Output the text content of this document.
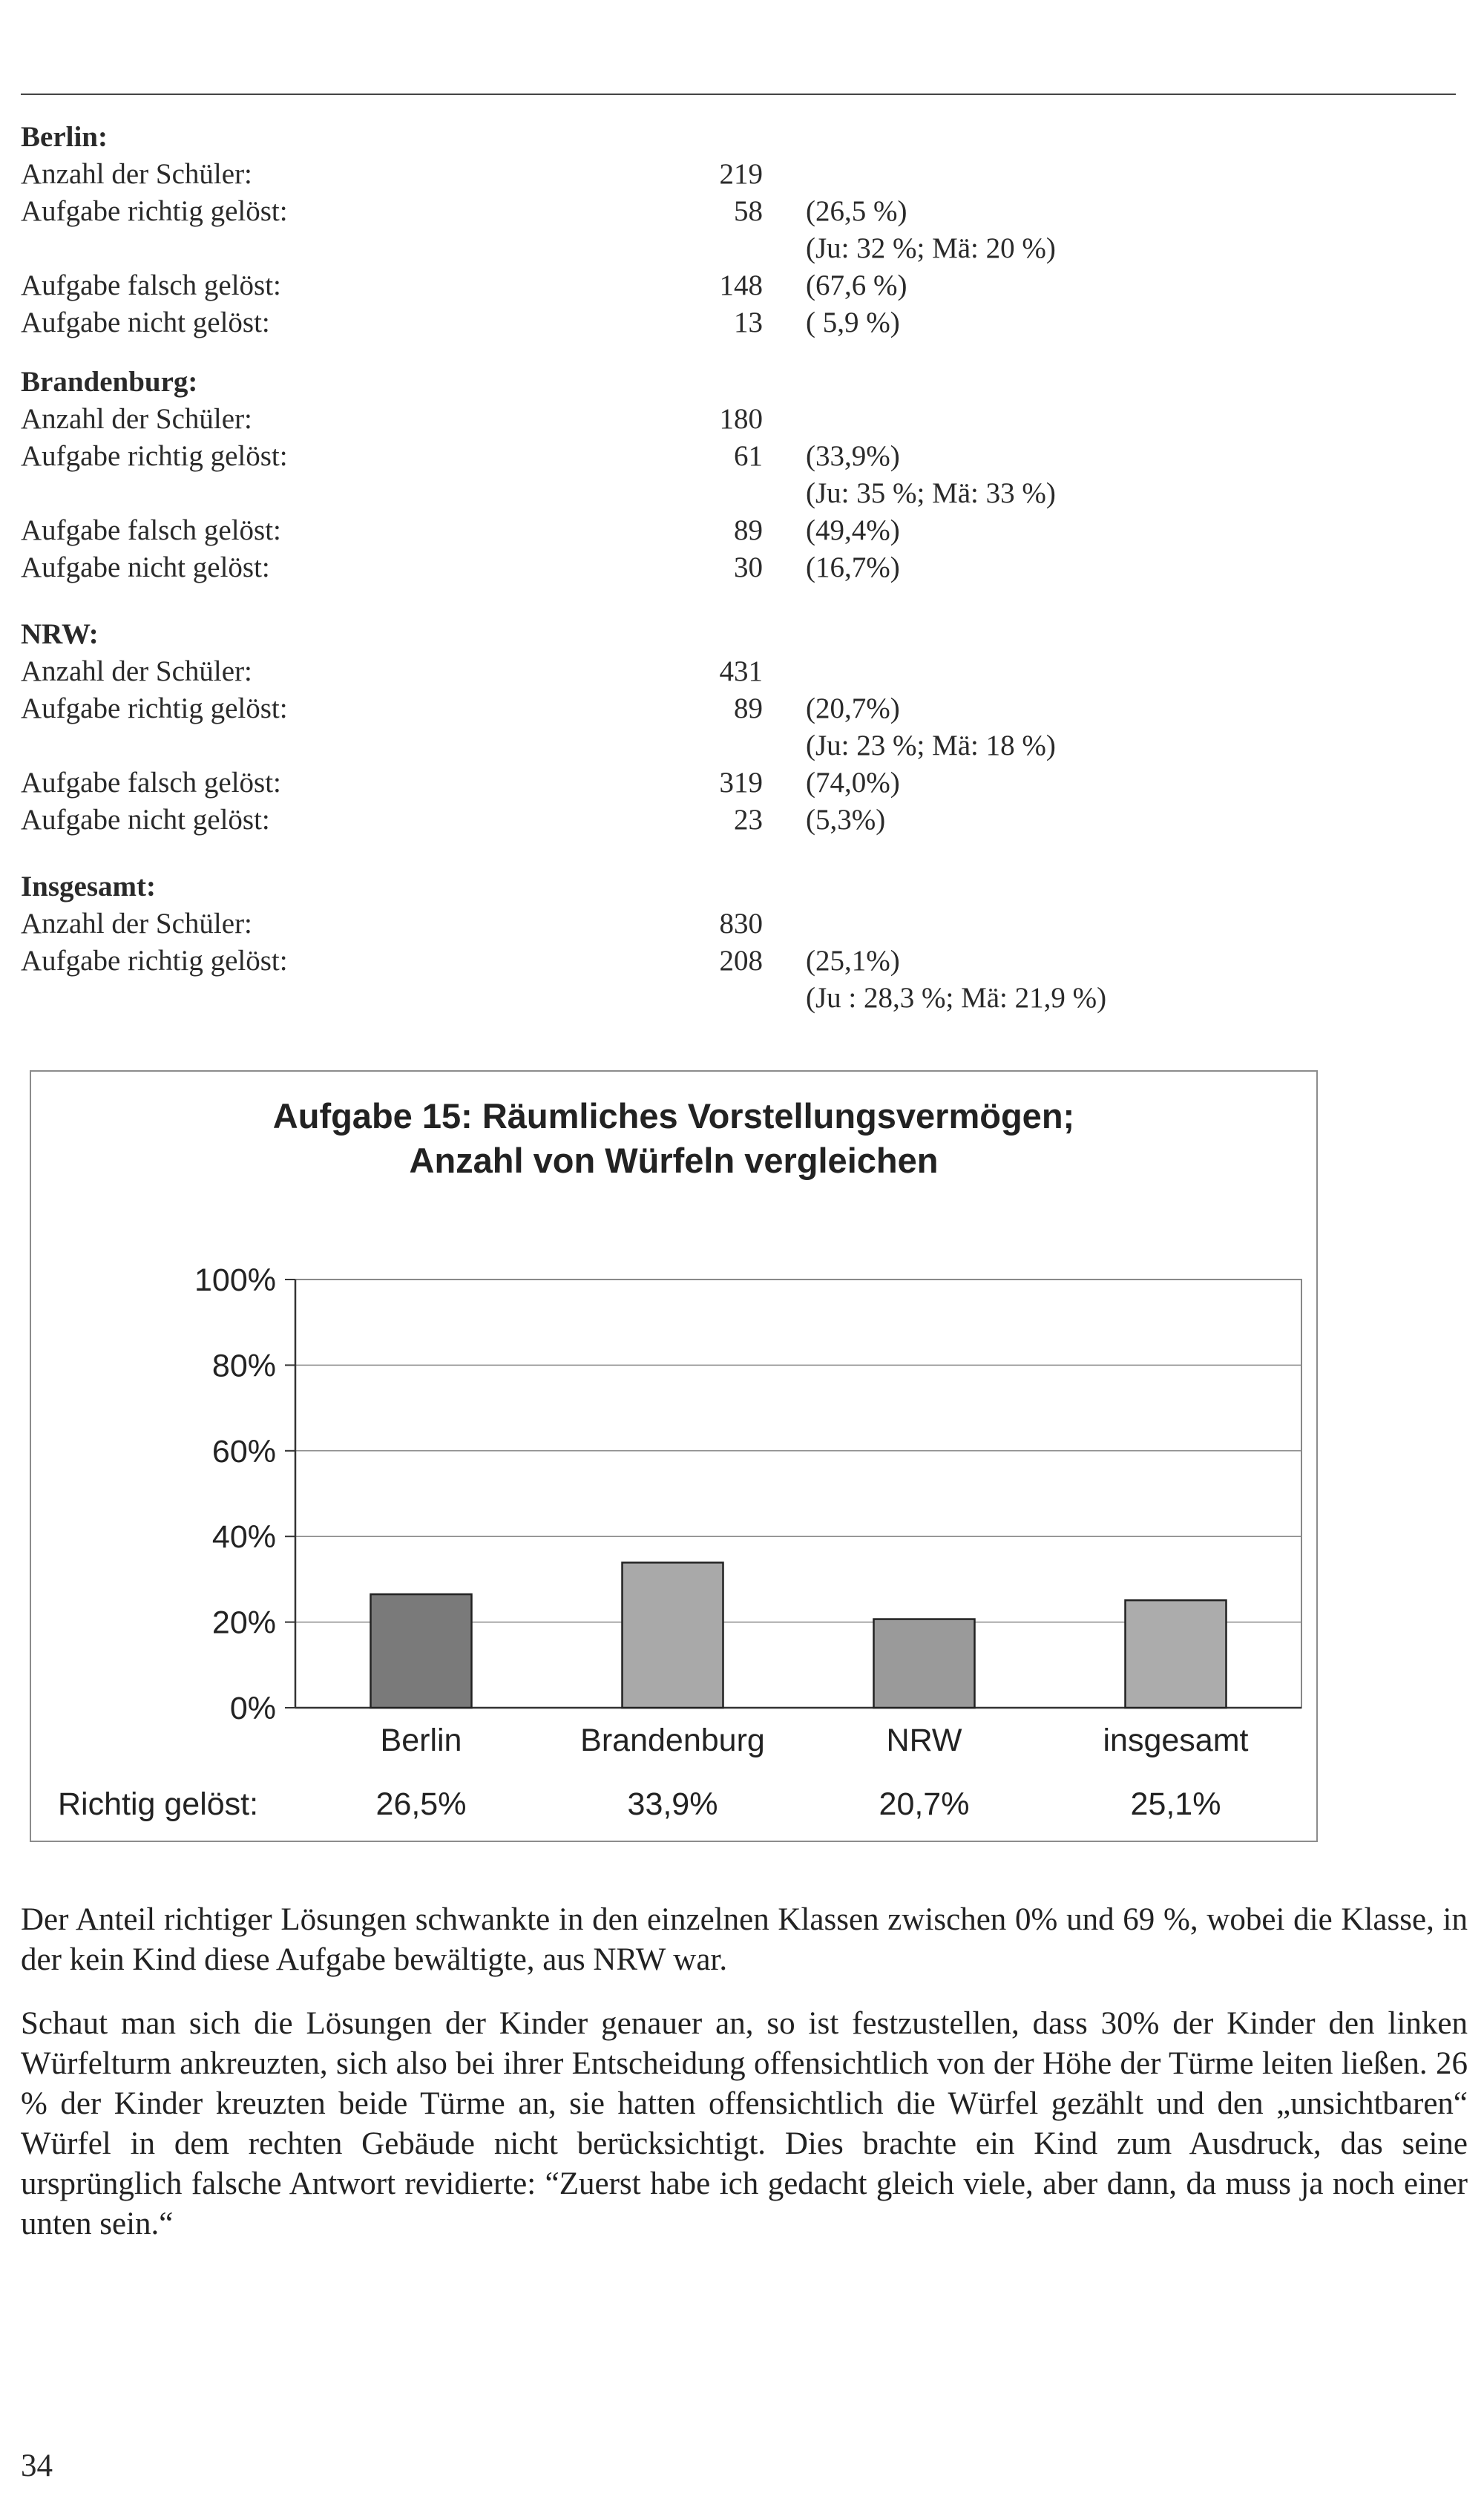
Berlin:
Anzahl der Schüler:	219
Aufgabe richtig gelöst:	58 (26,5 %)
(Ju: 32 %; Mä: 20 %)
Aufgabe falsch gelöst:	148 (67,6 %)
Aufgabe nicht gelöst:	13 ( 5,9 %)
Brandenburg:
Anzahl der Schüler:	180
Aufgabe richtig gelöst:	61 (33,9%)
(Ju: 35 %; Mä: 33 %)
Aufgabe falsch gelöst:	89 (49,4%)
Aufgabe nicht gelöst:	30 (16,7%)
NRW:
Anzahl der Schüler:	431
Aufgabe richtig gelöst:	89 (20,7%)
(Ju: 23 %; Mä: 18 %)
Aufgabe falsch gelöst:	319 (74,0%)
Aufgabe nicht gelöst:	23 (5,3%)
Insgesamt:
Anzahl der Schüler:	830
Aufgabe richtig gelöst:	208 (25,1%)
(Ju : 28,3 %; Mä: 21,9 %)
Aufgabe 15: Räumliches Vorstellungsvermögen;
Anzahl von Würfeln vergleichen
0%
20%
40%
60%
80%
100%
Berlin
26,5%
Brandenburg
33,9%
NRW
20,7%
insgesamt
25,1%
Richtig gelöst:
Der Anteil richtiger Lösungen schwankte in den einzelnen Klassen zwischen 0% und 69 %, wobei die Klasse, in der kein Kind diese Aufgabe bewältigte, aus NRW war.
Schaut man sich die Lösungen der Kinder genauer an, so ist festzustellen, dass 30% der Kinder den linken Würfelturm ankreuzten, sich also bei ihrer Entscheidung offensichtlich von der Höhe der Türme leiten ließen. 26 % der Kinder kreuzten beide Türme an, sie hatten offensichtlich die Würfel gezählt und den „unsichtbaren“ Würfel in dem rechten Gebäude nicht berücksichtigt. Dies brachte ein Kind zum Ausdruck, das seine ursprünglich falsche Antwort revidierte: “Zuerst habe ich gedacht gleich viele, aber dann, da muss ja noch einer unten sein.“
34
